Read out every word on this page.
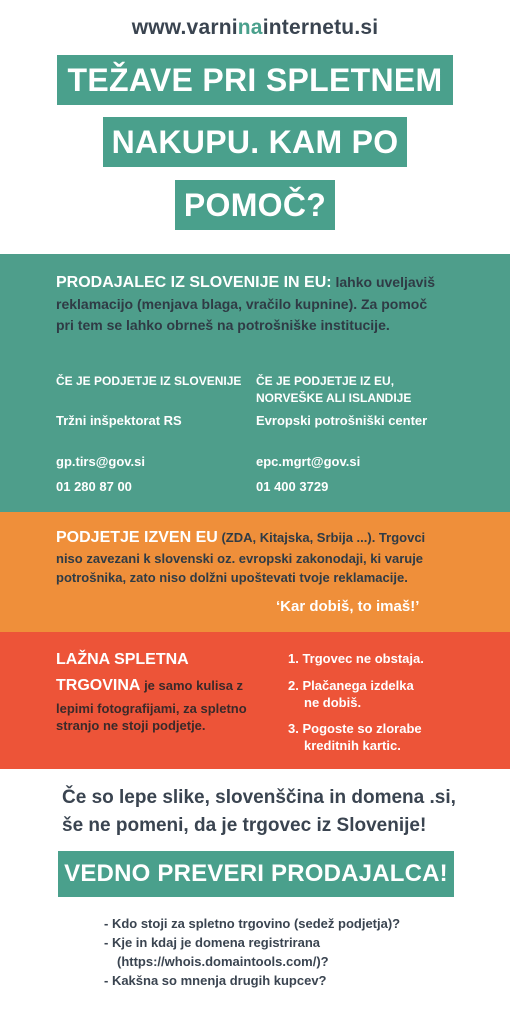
www.varninainternetu.si
TEŽAVE PRI SPLETNEM
NAKUPU. KAM PO
POMOČ?
PRODAJALEC IZ SLOVENIJE IN EU: lahko uveljaviš
reklamacijo (menjava blaga, vračilo kupnine). Za pomoč
pri tem se lahko obrneš na potrošniške institucije.
ČE JE PODJETJE IZ SLOVENIJE
Tržni inšpektorat RS
gp.tirs@gov.si
01 280 87 00
ČE JE PODJETJE IZ EU,
NORVEŠKE ALI ISLANDIJE
Evropski potrošniški center
epc.mgrt@gov.si
01 400 3729
PODJETJE IZVEN EU (ZDA, Kitajska, Srbija ...). Trgovci
niso zavezani k slovenski oz. evropski zakonodaji, ki varuje
potrošnika, zato niso dolžni upoštevati tvoje reklamacije.
‘Kar dobiš, to imaš!’
LAŽNA SPLETNA
TRGOVINA je samo kulisa z
lepimi fotografijami, za spletno
stranjo ne stoji podjetje.
1. Trgovec ne obstaja.
2. Plačanega izdelka
ne dobiš.
3. Pogoste so zlorabe
kreditnih kartic.
Če so lepe slike, slovenščina in domena .si,
še ne pomeni, da je trgovec iz Slovenije!
VEDNO PREVERI PRODAJALCA!
- Kdo stoji za spletno trgovino (sedež podjetja)?
- Kje in kdaj je domena registrirana
(https://whois.domaintools.com/)?
- Kakšna so mnenja drugih kupcev?
